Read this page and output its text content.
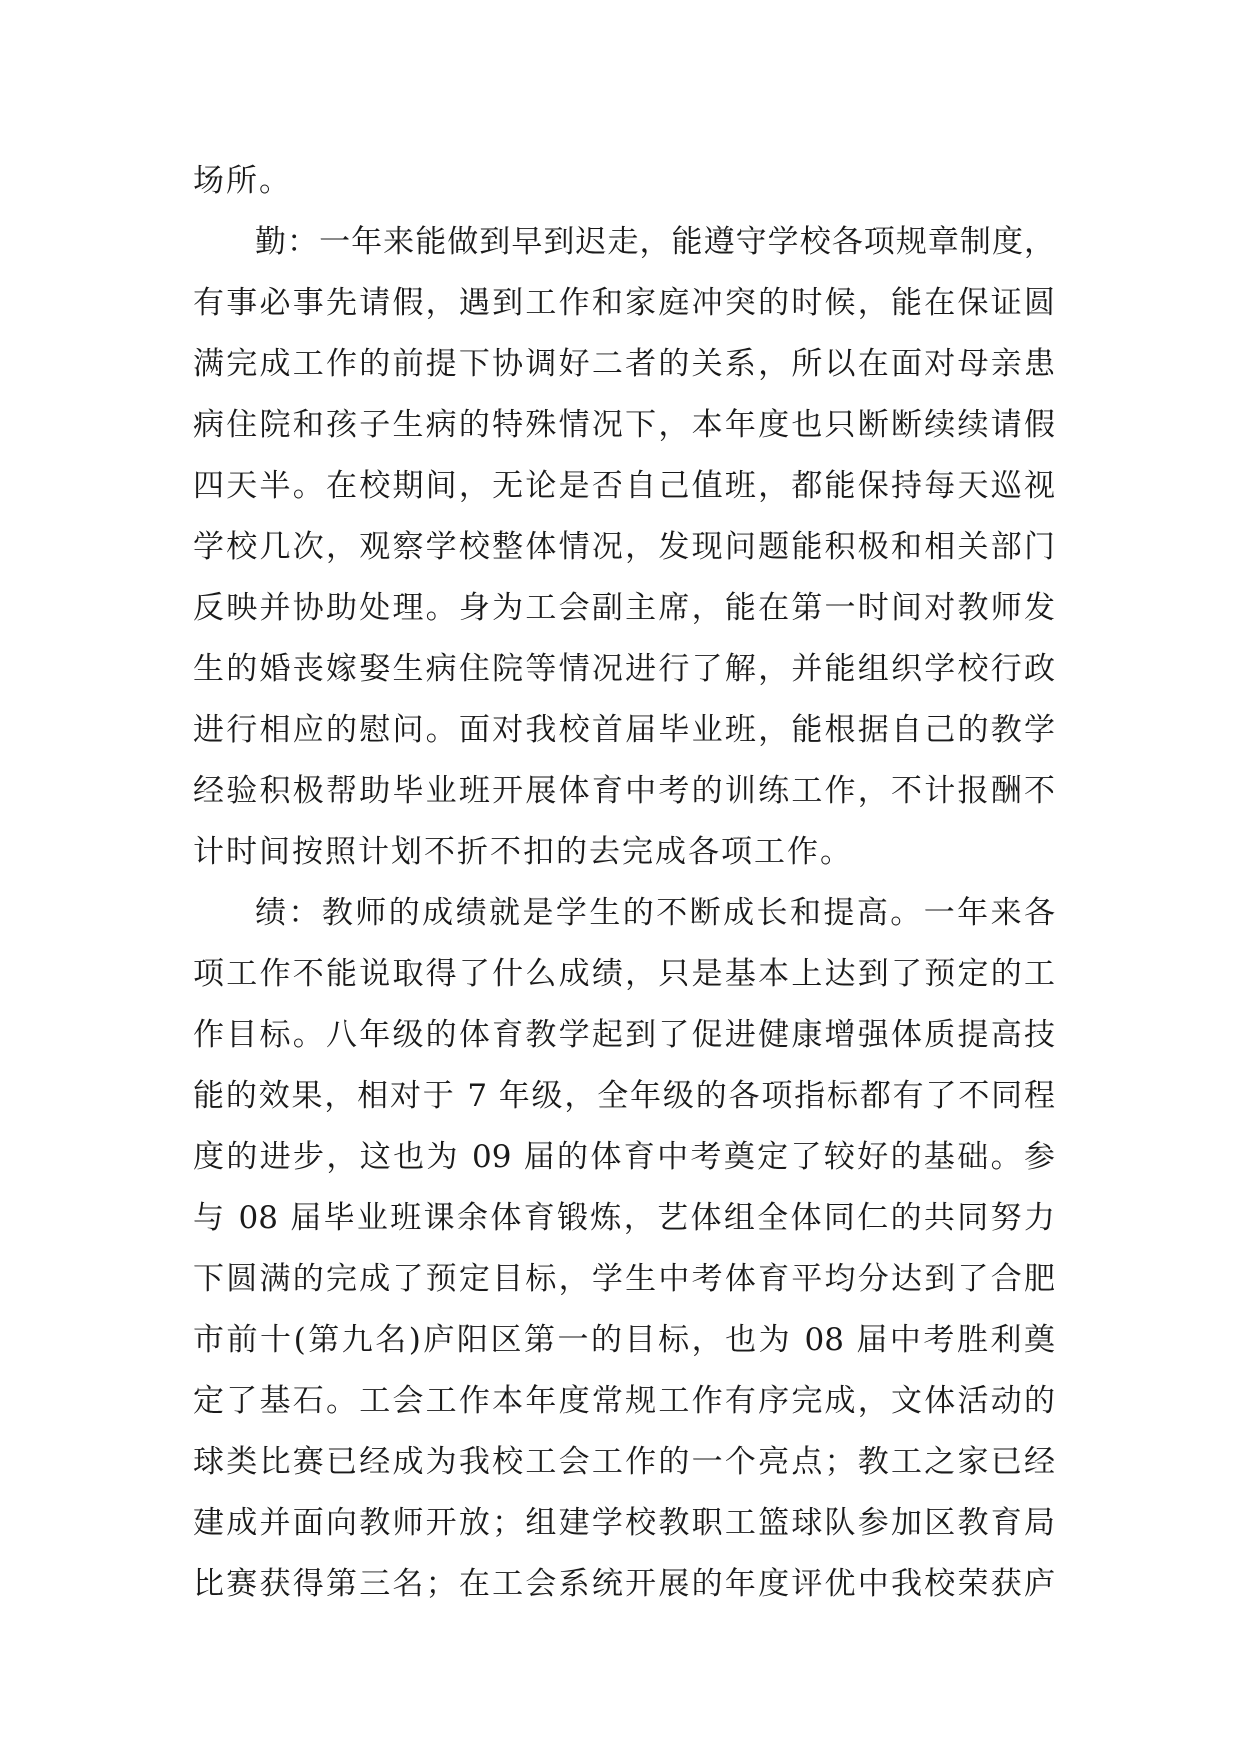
场所。
勤：一年来能做到早到迟走，能遵守学校各项规章制度，
有事必事先请假，遇到工作和家庭冲突的时候，能在保证圆
满完成工作的前提下协调好二者的关系，所以在面对母亲患
病住院和孩子生病的特殊情况下，本年度也只断断续续请假
四天半。在校期间，无论是否自己值班，都能保持每天巡视
学校几次，观察学校整体情况，发现问题能积极和相关部门
反映并协助处理。身为工会副主席，能在第一时间对教师发
生的婚丧嫁娶生病住院等情况进行了解，并能组织学校行政
进行相应的慰问。面对我校首届毕业班，能根据自己的教学
经验积极帮助毕业班开展体育中考的训练工作，不计报酬不
计时间按照计划不折不扣的去完成各项工作。
绩：教师的成绩就是学生的不断成长和提高。一年来各
项工作不能说取得了什么成绩，只是基本上达到了预定的工
作目标。八年级的体育教学起到了促进健康增强体质提高技
能的效果，相对于 7 年级，全年级的各项指标都有了不同程
度的进步，这也为 09 届的体育中考奠定了较好的基础。参
与 08 届毕业班课余体育锻炼，艺体组全体同仁的共同努力
下圆满的完成了预定目标，学生中考体育平均分达到了合肥
市前十(第九名)庐阳区第一的目标，也为 08 届中考胜利奠
定了基石。工会工作本年度常规工作有序完成，文体活动的
球类比赛已经成为我校工会工作的一个亮点；教工之家已经
建成并面向教师开放；组建学校教职工篮球队参加区教育局
比赛获得第三名；在工会系统开展的年度评优中我校荣获庐
